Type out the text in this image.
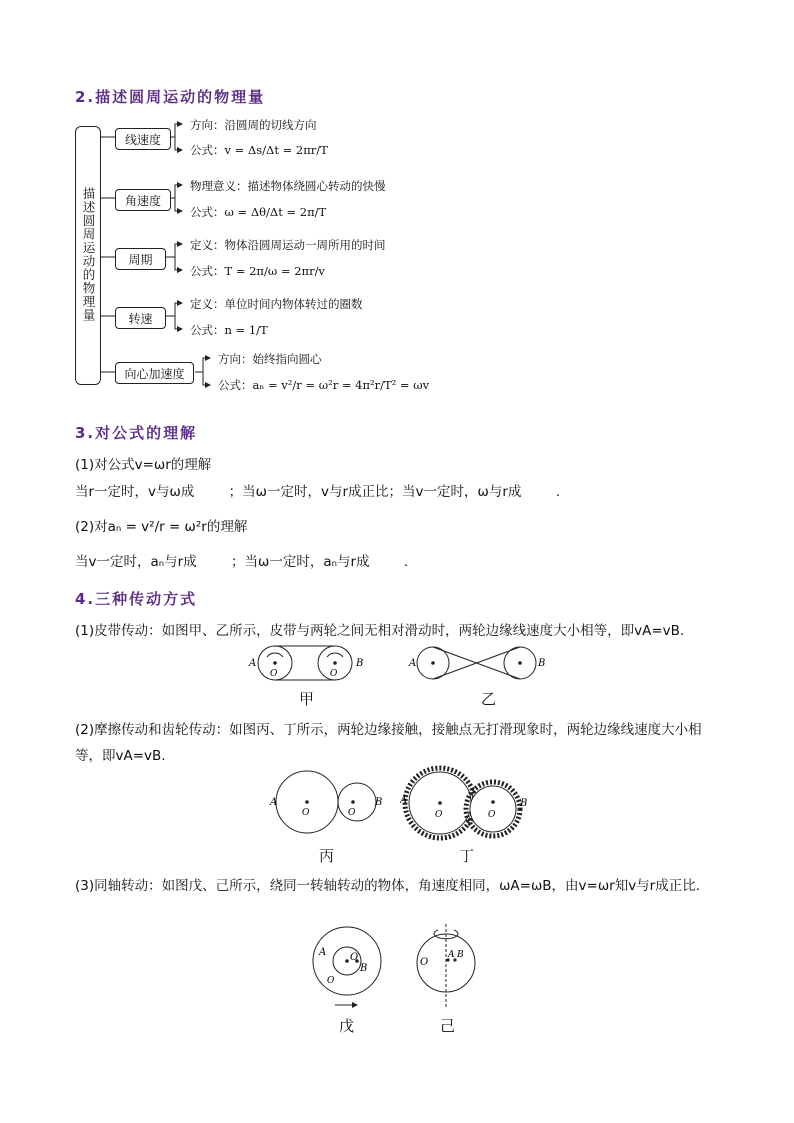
2.描述圆周运动的物理量
描述圆周运动的物理量
线速度
角速度
周期
转速
向心加速度
方向：沿圆周的切线方向
公式：v = Δs/Δt = 2πr/T
物理意义：描述物体绕圆心转动的快慢
公式：ω = Δθ/Δt = 2π/T
定义：物体沿圆周运动一周所用的时间
公式：T = 2π/ω = 2πr/v
定义：单位时间内物体转过的圈数
公式：n = 1/T
方向：始终指向圆心
公式：aₙ = v²/r = ω²r = 4π²r/T² = ωv
3.对公式的理解
(1)对公式v=ωr的理解
当r一定时，v与ω成        ；当ω一定时，v与r成正比；当v一定时，ω与r成        .
(2)对aₙ = v²/r = ω²r的理解
当v一定时，aₙ与r成        ；当ω一定时，aₙ与r成        .
4.三种传动方式
(1)皮带传动：如图甲、乙所示，皮带与两轮之间无相对滑动时，两轮边缘线速度大小相等，即vA=vB.
A	B
O	O
甲
A	B
乙
(2)摩擦传动和齿轮传动：如图丙、丁所示，两轮边缘接触，接触点无打滑现象时，两轮边缘线速度大小相等，即vA=vB.
A	B
O	O
丙
A	B
O	O
丁
(3)同轴转动：如图戊、己所示，绕同一转轴转动的物体，角速度相同，ωA=ωB，由v=ωr知v与r成正比.
A O
B
O
戊
O
A B
己
